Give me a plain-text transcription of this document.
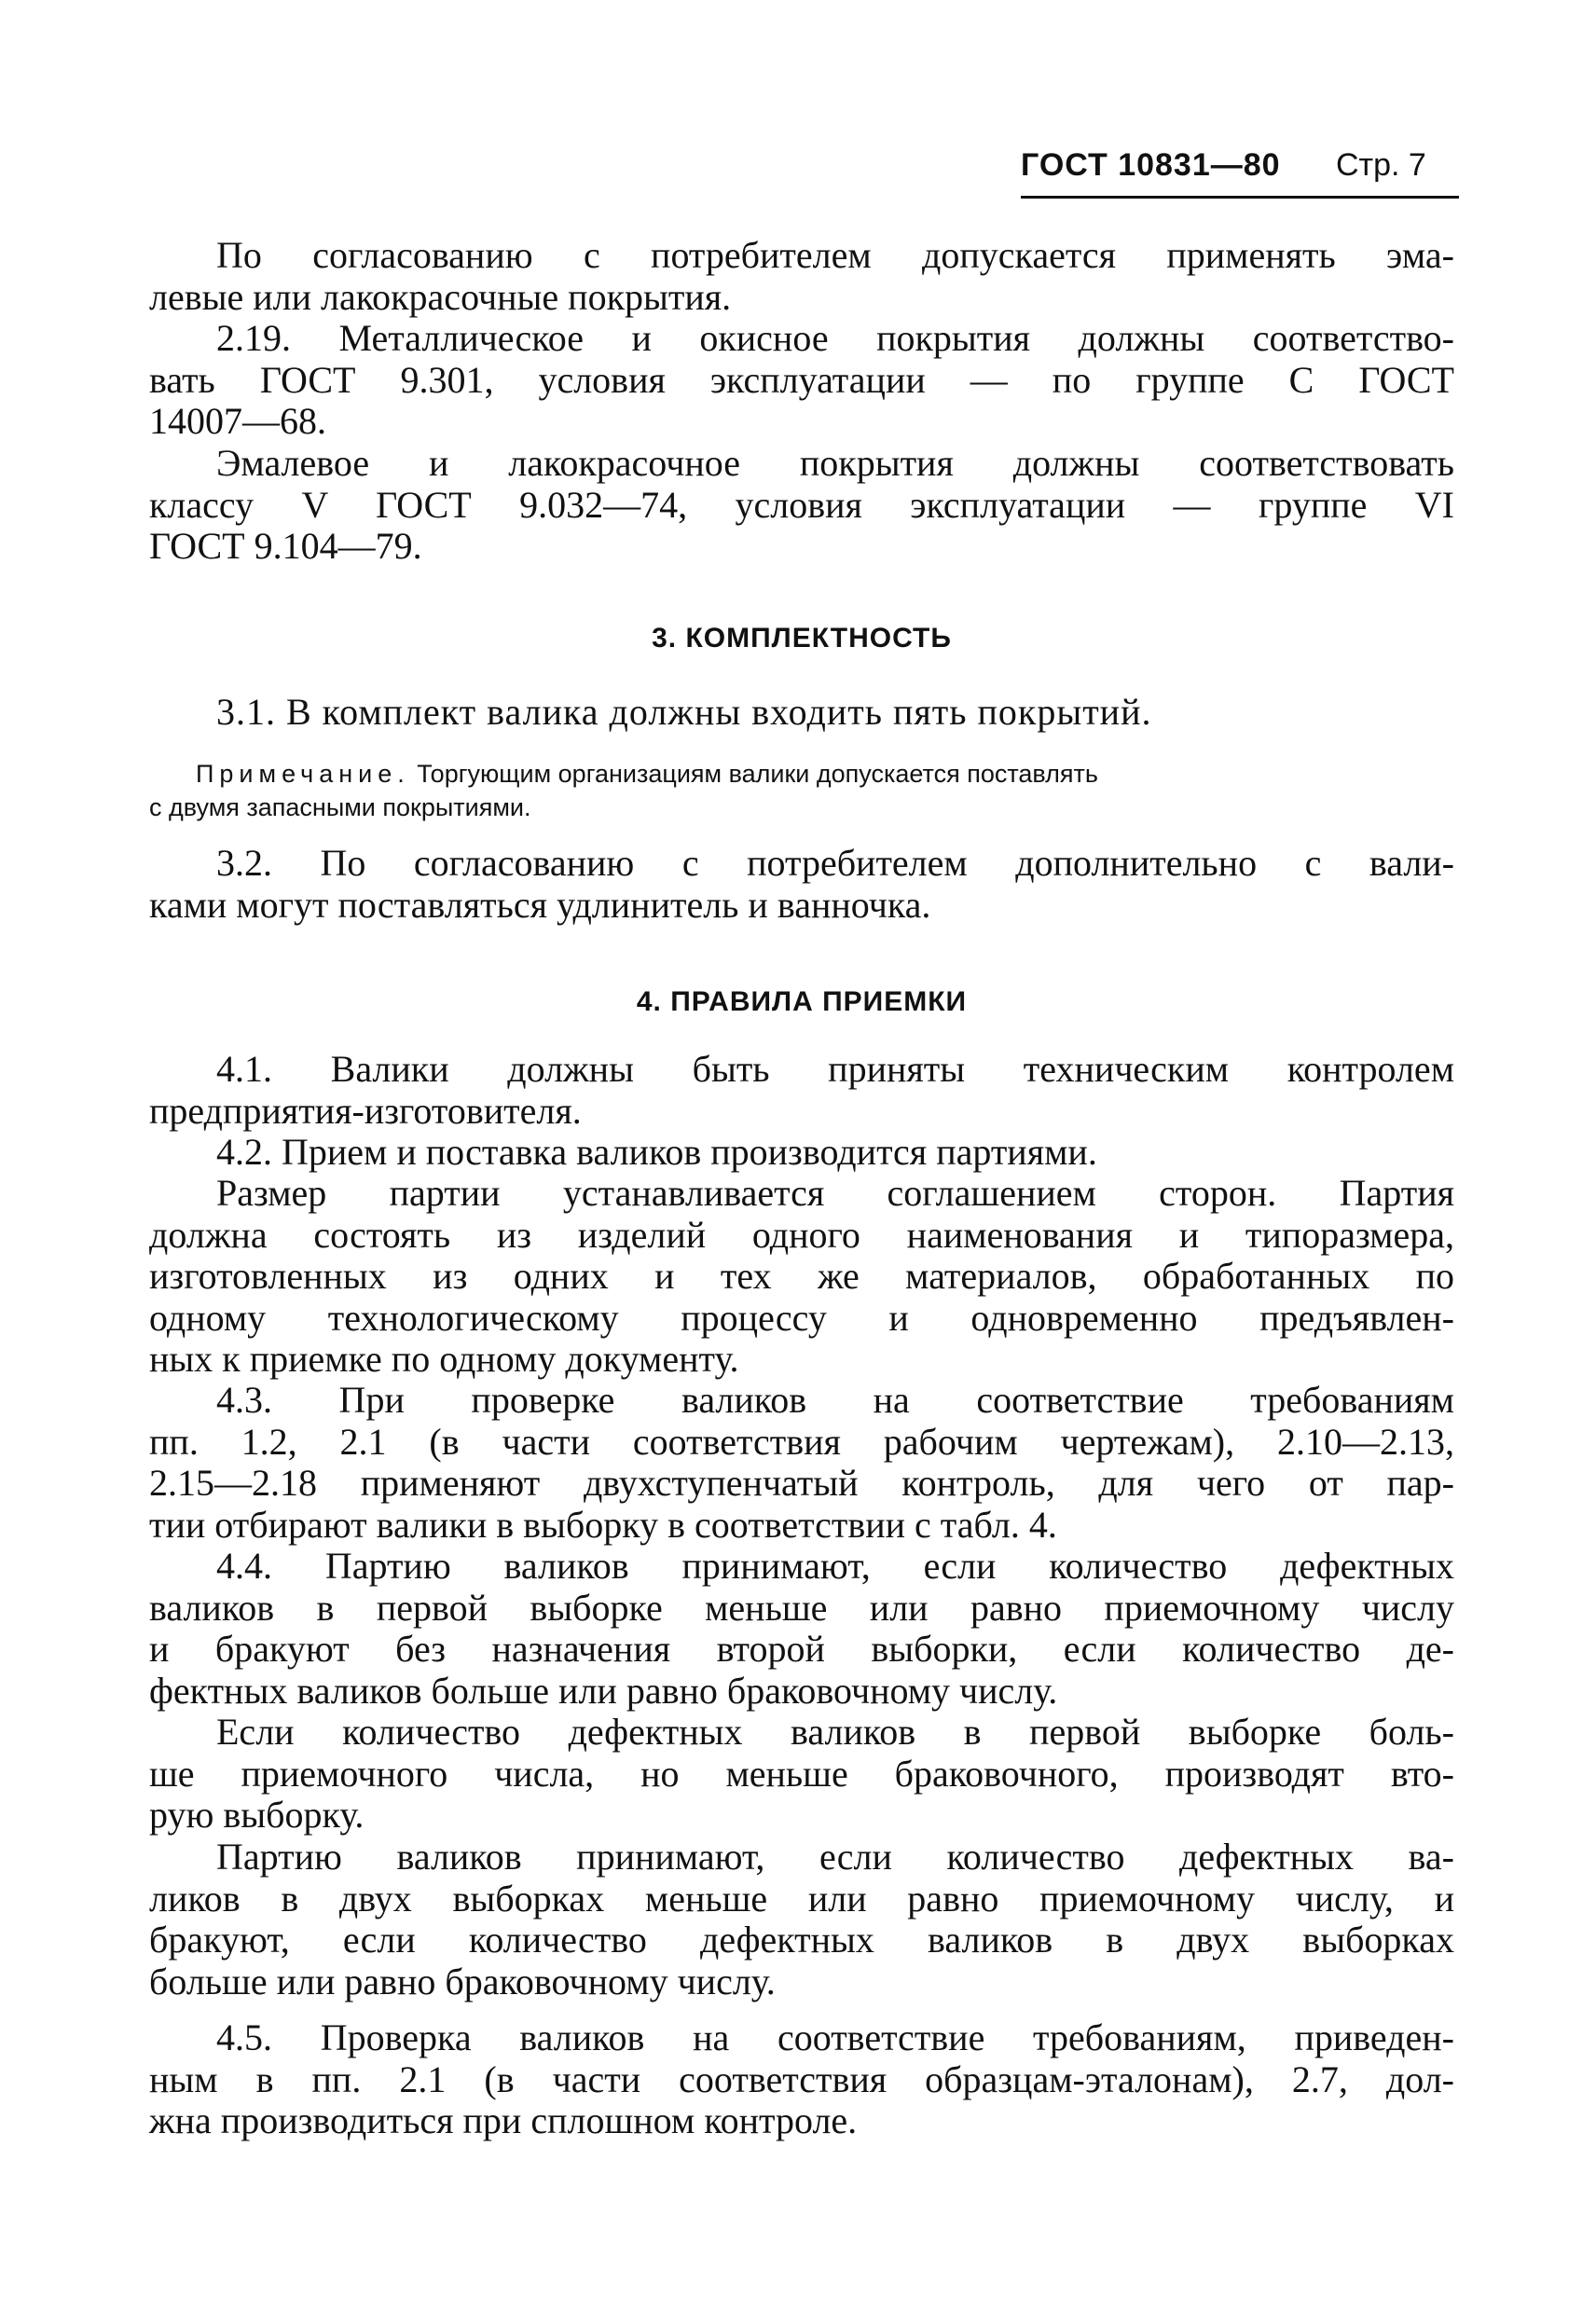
ГОСТ 10831—80 Стр. 7
По согласованию с потребителем допускается применять эма-
левые или лакокрасочные покрытия.
2.19. Металлическое и окисное покрытия должны соответство-
вать ГОСТ 9.301, условия эксплуатации — по группе С ГОСТ
14007—68.
Эмалевое и лакокрасочное покрытия должны соответствовать
классу V ГОСТ 9.032—74, условия эксплуатации — группе VI
ГОСТ 9.104—79.
3. КОМПЛЕКТНОСТЬ
3.1. В комплект валика должны входить пять покрытий.
Примечание. Торгующим организациям валики допускается поставлять
с двумя запасными покрытиями.
3.2. По согласованию с потребителем дополнительно с вали-
ками могут поставляться удлинитель и ванночка.
4. ПРАВИЛА ПРИЕМКИ
4.1. Валики должны быть приняты техническим контролем
предприятия-изготовителя.
4.2. Прием и поставка валиков производится партиями.
Размер партии устанавливается соглашением сторон. Партия
должна состоять из изделий одного наименования и типоразмера,
изготовленных из одних и тех же материалов, обработанных по
одному технологическому процессу и одновременно предъявлен-
ных к приемке по одному документу.
4.3. При проверке валиков на соответствие требованиям
пп. 1.2, 2.1 (в части соответствия рабочим чертежам), 2.10—2.13,
2.15—2.18 применяют двухступенчатый контроль, для чего от пар-
тии отбирают валики в выборку в соответствии с табл. 4.
4.4. Партию валиков принимают, если количество дефектных
валиков в первой выборке меньше или равно приемочному числу
и бракуют без назначения второй выборки, если количество де-
фектных валиков больше или равно браковочному числу.
Если количество дефектных валиков в первой выборке боль-
ше приемочного числа, но меньше браковочного, производят вто-
рую выборку.
Партию валиков принимают, если количество дефектных ва-
ликов в двух выборках меньше или равно приемочному числу, и
бракуют, если количество дефектных валиков в двух выборках
больше или равно браковочному числу.
4.5. Проверка валиков на соответствие требованиям, приведен-
ным в пп. 2.1 (в части соответствия образцам-эталонам), 2.7, дол-
жна производиться при сплошном контроле.
